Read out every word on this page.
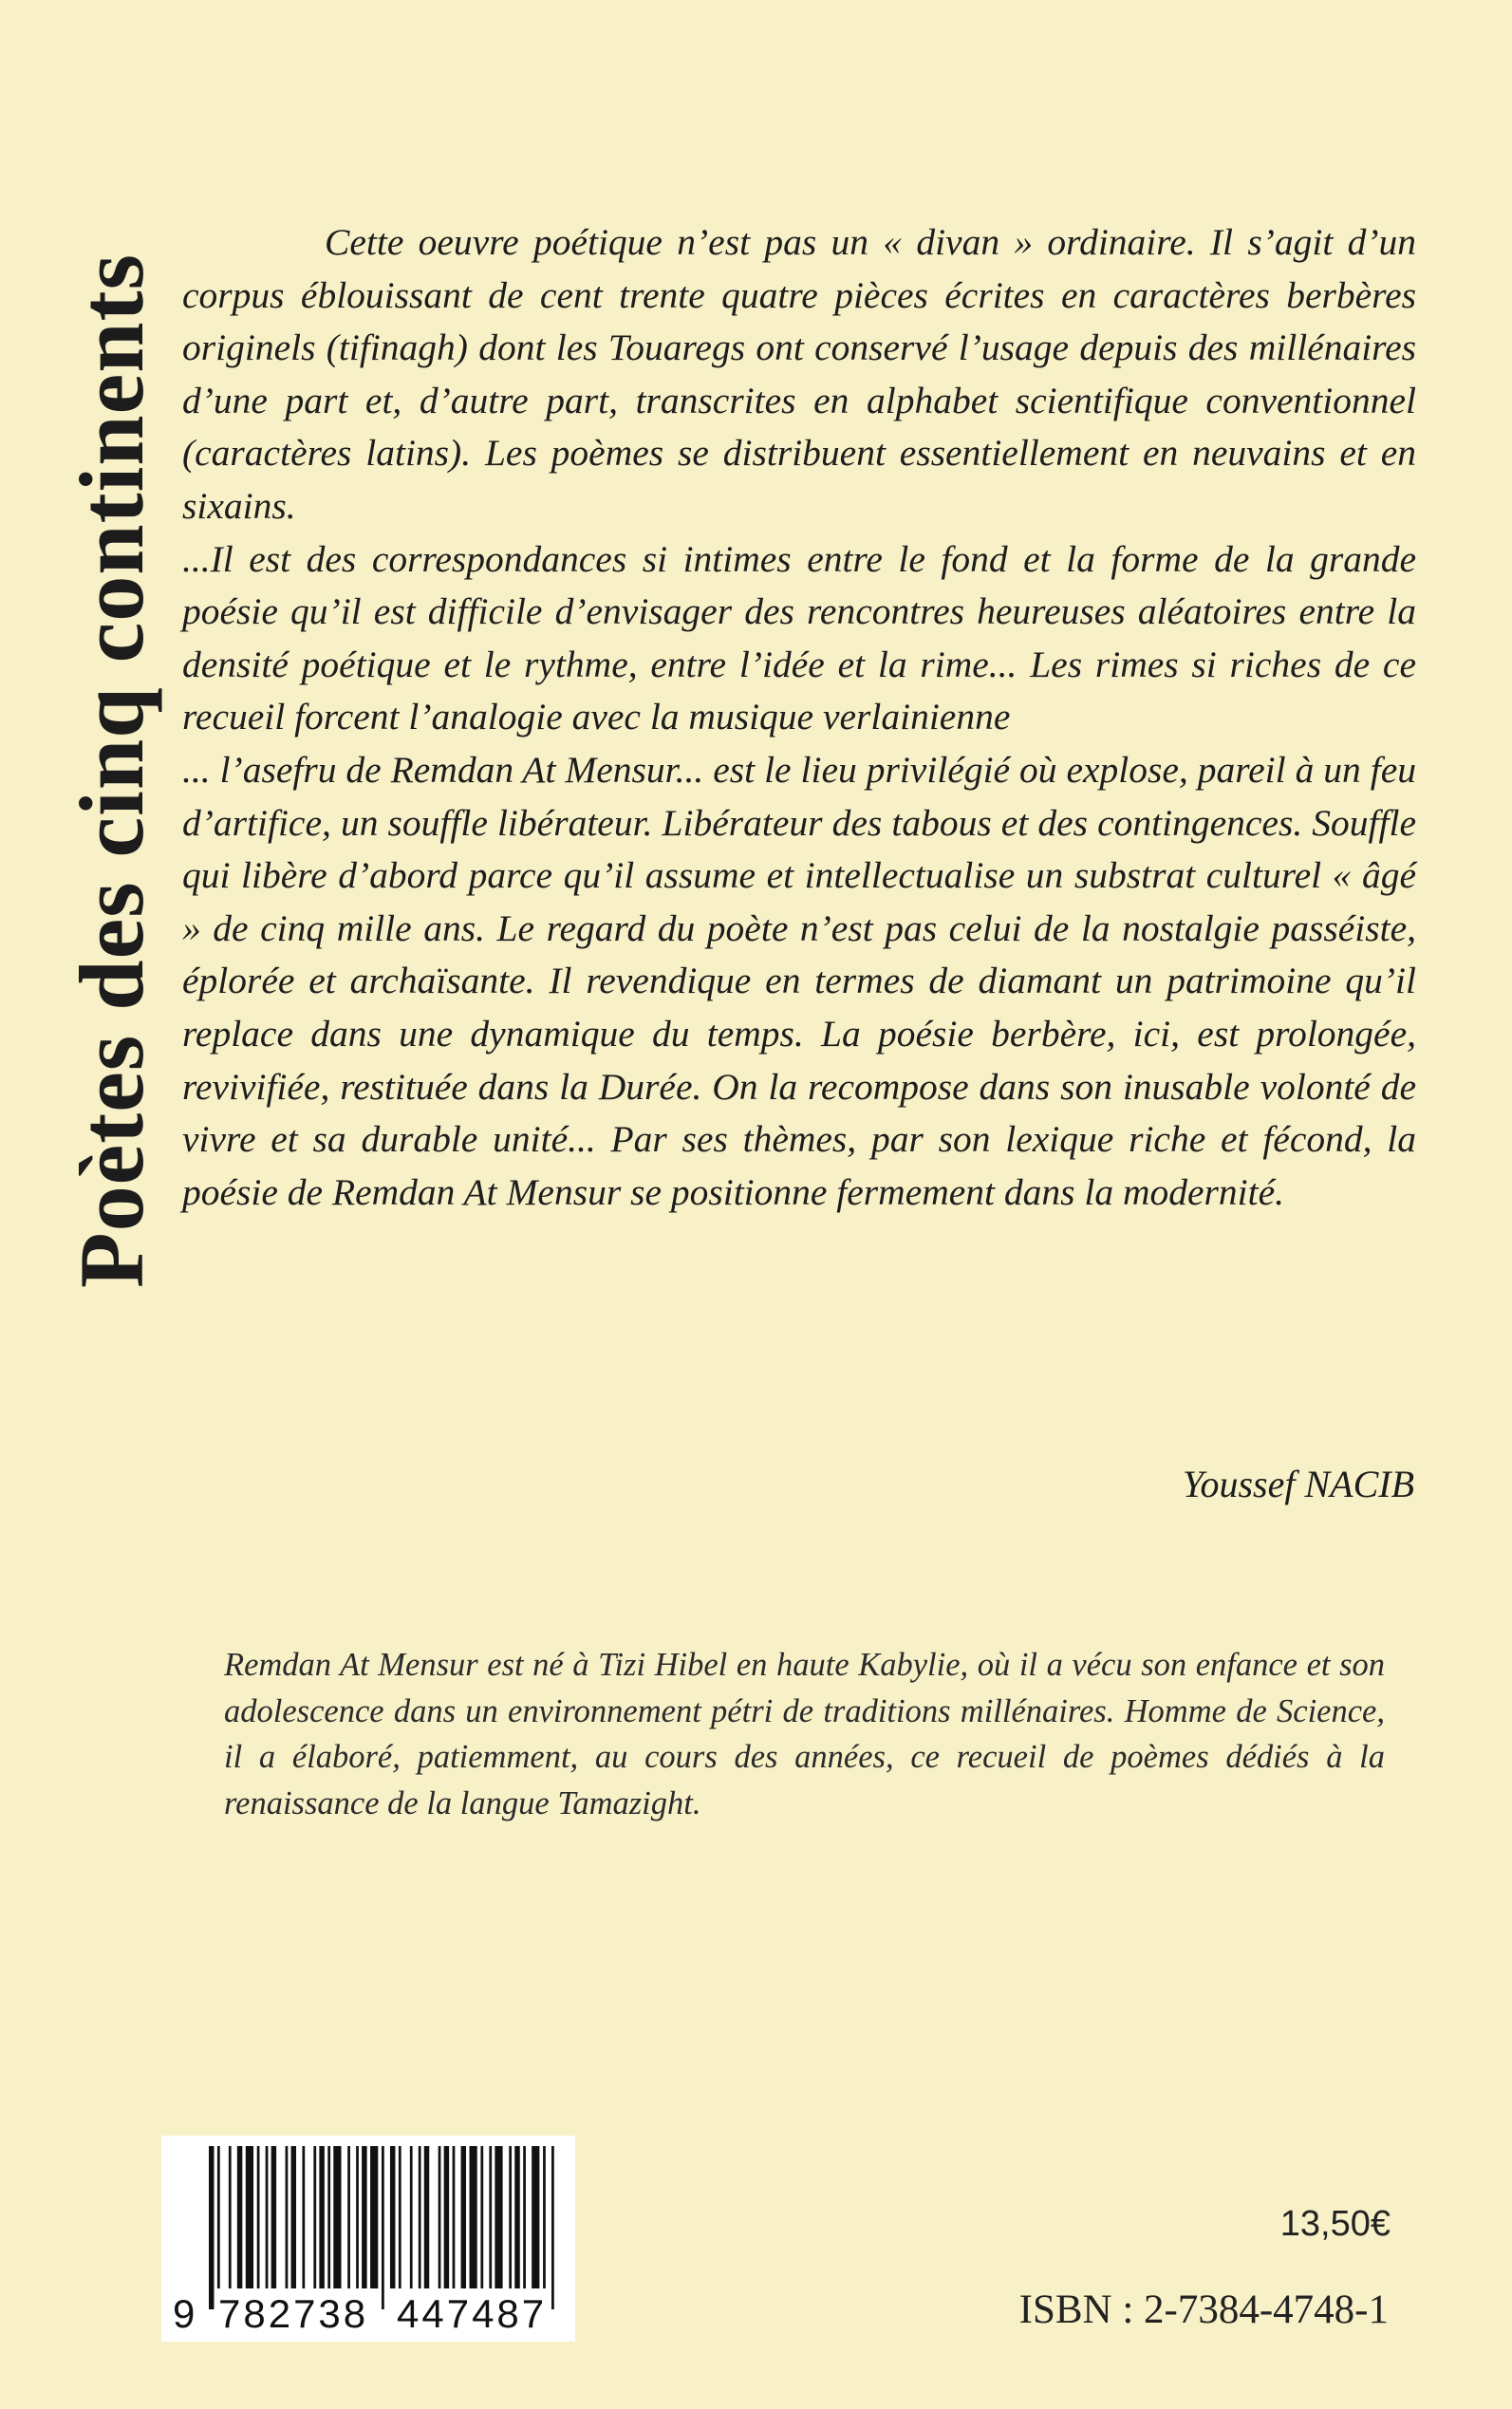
Poètes des cinq continents

Cette oeuvre poétique n’est pas un « divan » ordinaire. Il s’agit d’un corpus éblouissant de cent trente quatre pièces écrites en caractères berbères originels (tifinagh) dont les Touaregs ont conservé l’usage depuis des millénaires d’une part et, d’autre part, transcrites en alphabet scientifique conventionnel (caractères latins). Les poèmes se distribuent essentiellement en neuvains et en sixains.

...Il est des correspondances si intimes entre le fond et la forme de la grande poésie qu’il est difficile d’envisager des rencontres heureuses aléatoires entre la densité poétique et le rythme, entre l’idée et la rime... Les rimes si riches de ce recueil forcent l’analogie avec la musique verlainienne

... l’asefru de Remdan At Mensur... est le lieu privilégié où explose, pareil à un feu d’artifice, un souffle libérateur. Libérateur des tabous et des contingences. Souffle qui libère d’abord parce qu’il assume et intellectualise un substrat culturel « âgé » de cinq mille ans. Le regard du poète n’est pas celui de la nostalgie passéiste, éplorée et archaïsante. Il revendique en termes de diamant un patrimoine qu’il replace dans une dynamique du temps. La poésie berbère, ici, est prolongée, revivifiée, restituée dans la Durée. On la recompose dans son inusable volonté de vivre et sa durable unité... Par ses thèmes, par son lexique riche et fécond, la poésie de Remdan At Mensur se positionne fermement dans la modernité.

Youssef NACIB
Remdan At Mensur est né à Tizi Hibel en haute Kabylie, où il a vécu son enfance et son adolescence dans un environnement pétri de traditions millénaires. Homme de Science, il a élaboré, patiemment, au cours des années, ce recueil de poèmes dédiés à la renaissance de la langue Tamazight.
9 782738 447487
13,50€
ISBN : 2-7384-4748-1
